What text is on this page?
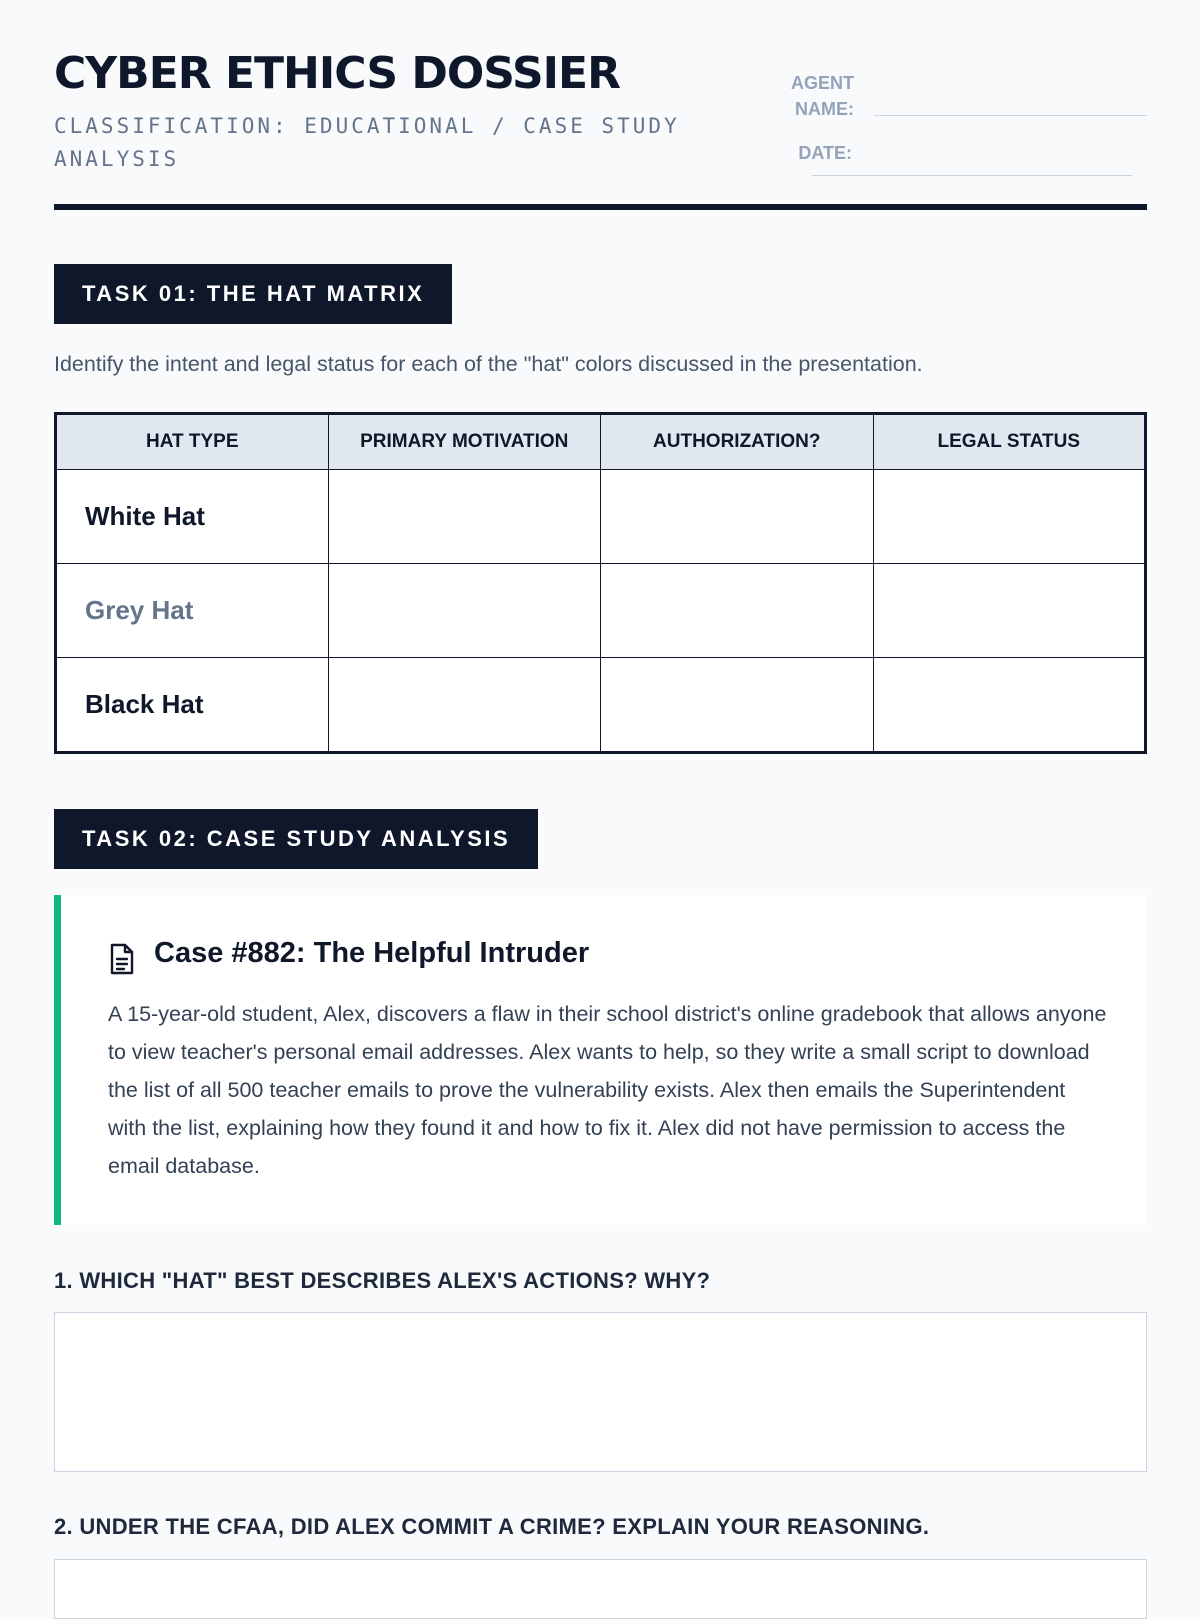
CYBER ETHICS DOSSIER
CLASSIFICATION: EDUCATIONAL / CASE STUDY ANALYSIS
AGENT NAME:
DATE:
TASK 01: THE HAT MATRIX
Identify the intent and legal status for each of the "hat" colors discussed in the presentation.
HAT TYPE	PRIMARY MOTIVATION	AUTHORIZATION?	LEGAL STATUS
White Hat			
Grey Hat			
Black Hat			
TASK 02: CASE STUDY ANALYSIS
Case #882: The Helpful Intruder

A 15-year-old student, Alex, discovers a flaw in their school district's online gradebook that allows anyone to view teacher's personal email addresses. Alex wants to help, so they write a small script to download the list of all 500 teacher emails to prove the vulnerability exists. Alex then emails the Superintendent with the list, explaining how they found it and how to fix it. Alex did not have permission to access the email database.

1. WHICH "HAT" BEST DESCRIBES ALEX'S ACTIONS? WHY?
2. UNDER THE CFAA, DID ALEX COMMIT A CRIME? EXPLAIN YOUR REASONING.
